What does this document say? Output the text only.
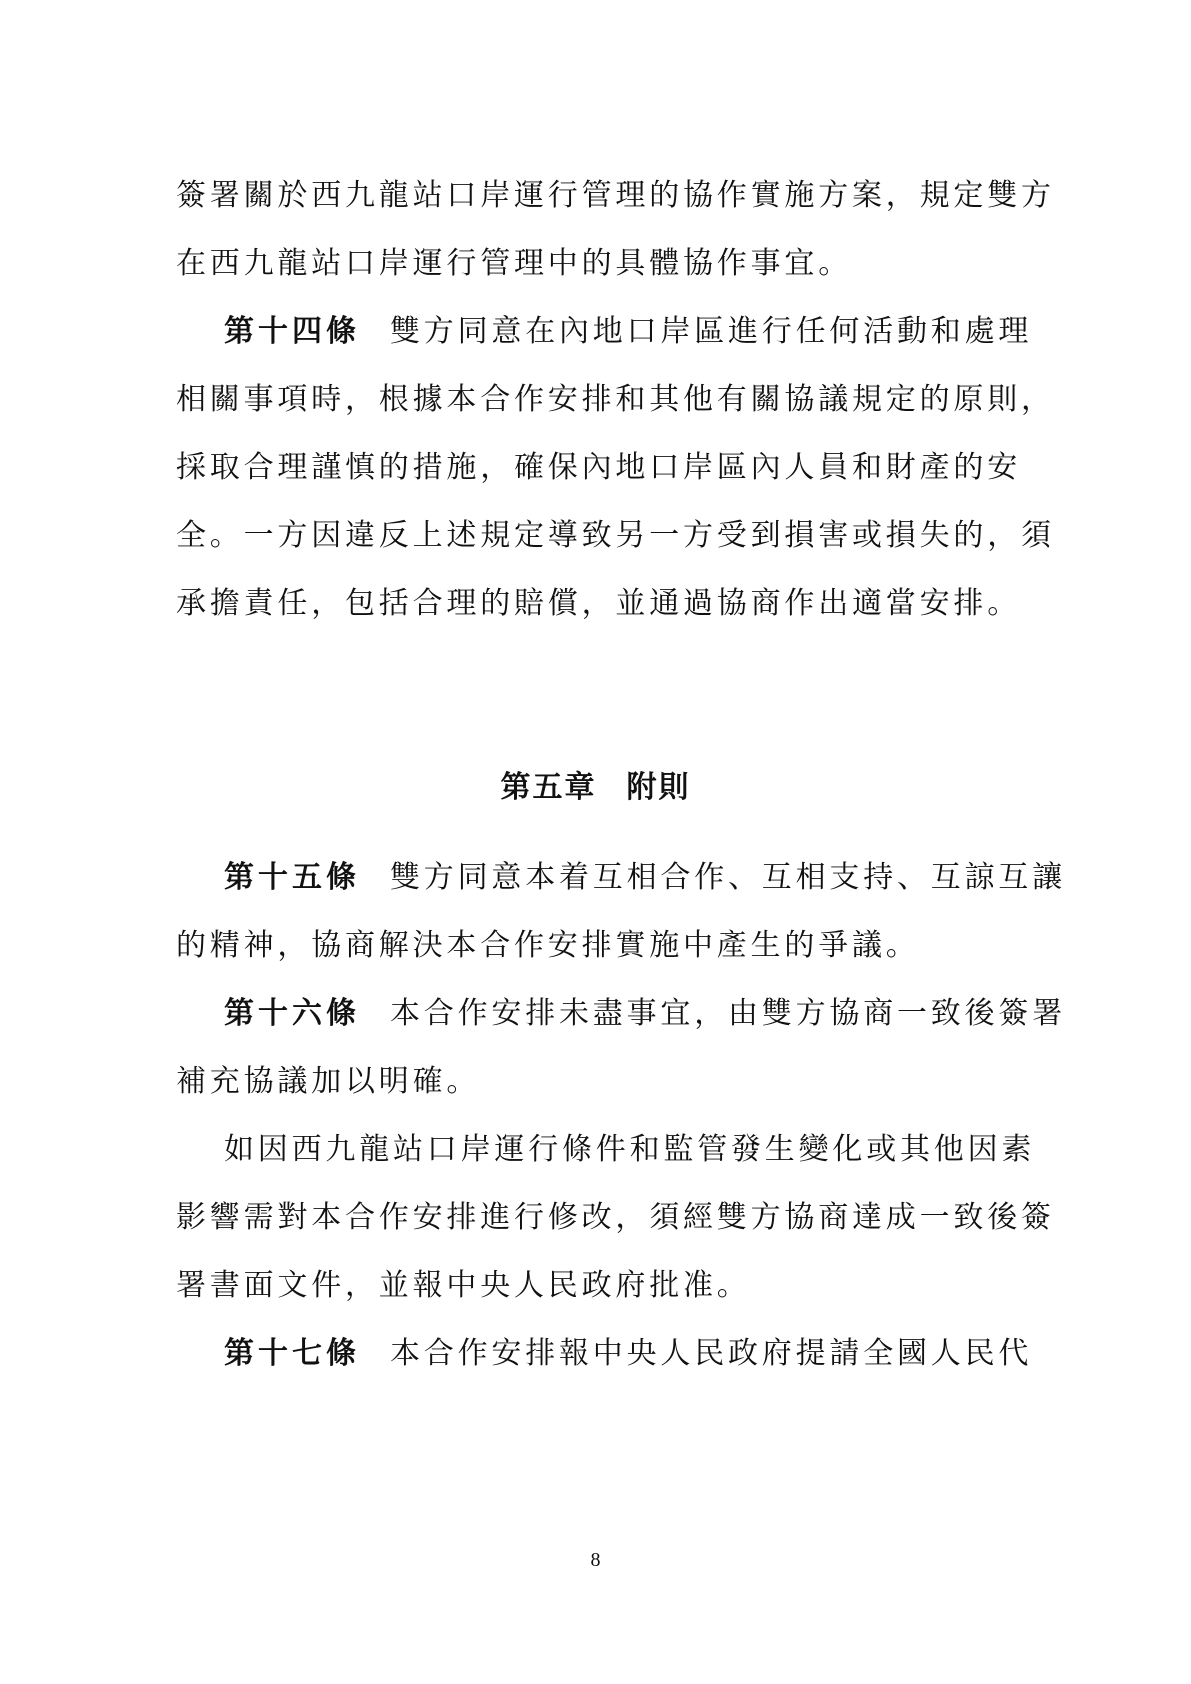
簽署關於西九龍站口岸運行管理的協作實施方案，規定雙方
在西九龍站口岸運行管理中的具體協作事宜。
第十四條 雙方同意在內地口岸區進行任何活動和處理
相關事項時，根據本合作安排和其他有關協議規定的原則，
採取合理謹慎的措施，確保內地口岸區內人員和財產的安
全。一方因違反上述規定導致另一方受到損害或損失的，須
承擔責任，包括合理的賠償，並通過協商作出適當安排。
第五章 附則
第十五條 雙方同意本着互相合作、互相支持、互諒互讓
的精神，協商解決本合作安排實施中產生的爭議。
第十六條 本合作安排未盡事宜，由雙方協商一致後簽署
補充協議加以明確。
如因西九龍站口岸運行條件和監管發生變化或其他因素
影響需對本合作安排進行修改，須經雙方協商達成一致後簽
署書面文件，並報中央人民政府批准。
第十七條 本合作安排報中央人民政府提請全國人民代
8
